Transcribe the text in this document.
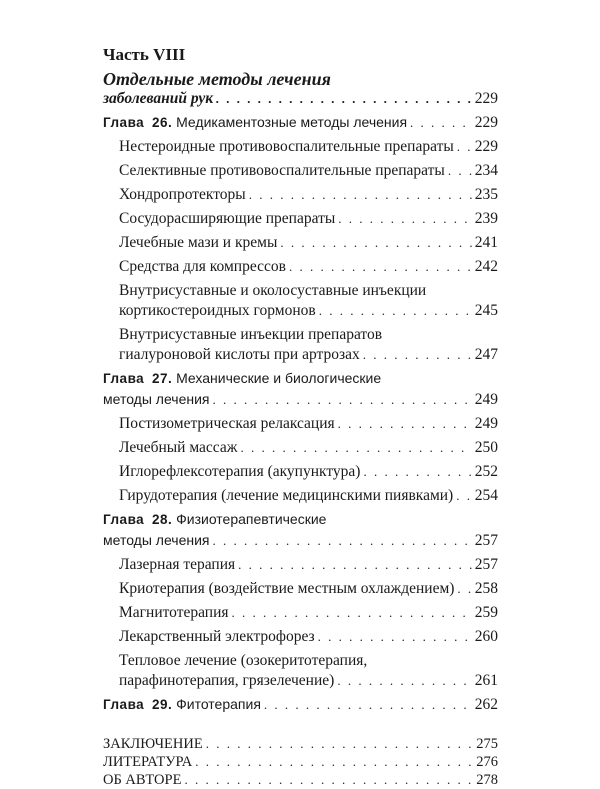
Часть VIII
Отдельные методы лечения
заболеваний рук . . .	229
Глава 26. Медикаментозные методы лечения . . .	229
Нестероидные противовоспалительные препараты . . . 229
Селективные противовоспалительные препараты . . . 234
Хондропротекторы . . .	235
Сосудорасширяющие препараты . . .	239
Лечебные мази и кремы . . .	241
Средства для компрессов . . .	242
Внутрисуставные и околосуставные инъекции
кортикостероидных гормонов . . .	245
Внутрисуставные инъекции препаратов
гиалуроновой кислоты при артрозах . . .	247
Глава 27. Механические и биологические
методы лечения . . .	249
Постизометрическая релаксация . . .	249
Лечебный массаж . . .	250
Иглорефлексотерапия (акупунктура) . . .	252
Гирудотерапия (лечение медицинскими пиявками) . . . 254
Глава 28. Физиотерапевтические
методы лечения . . .	257
Лазерная терапия . . .	257
Криотерапия (воздействие местным охлаждением) . . . 258
Магнитотерапия . . .	259
Лекарственный электрофорез . . .	260
Тепловое лечение (озокеритотерапия,
парафинотерапия, грязелечение) . . .	261
Глава 29. Фитотерапия . . .	262
ЗАКЛЮЧЕНИЕ . . .	275
ЛИТЕРАТУРА . . .	276
ОБ АВТОРЕ . . .	278
